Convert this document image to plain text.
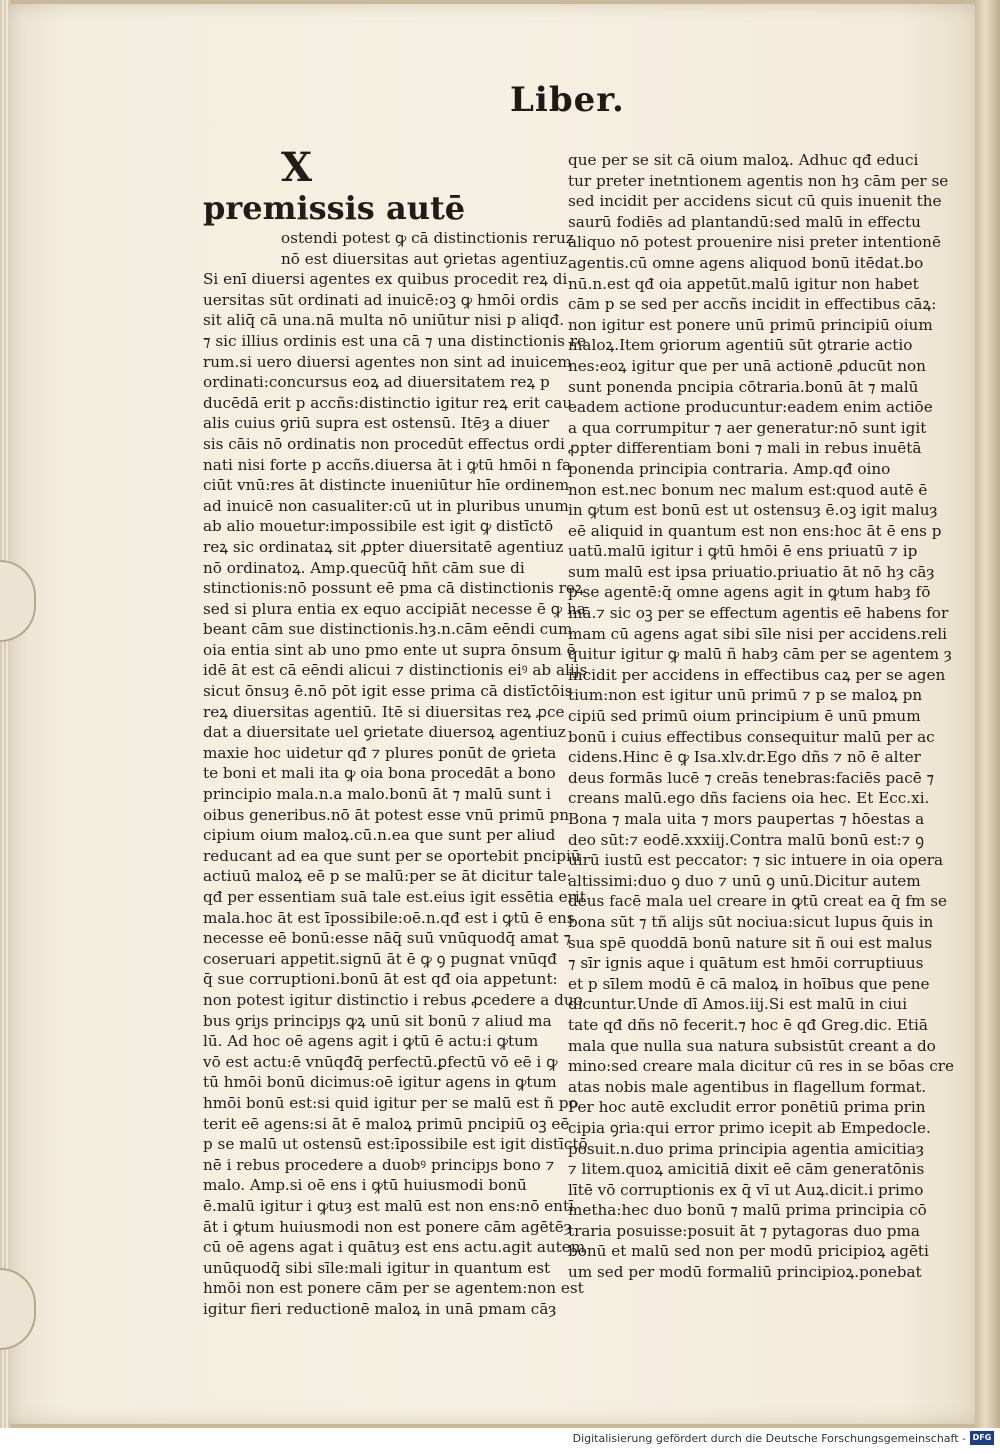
Liber.
Xpremissis autē
ostendi potest ꝙ cā distinctionis reruz
nō est diuersitas aut ꝯrietas agentiuz
Si enī diuersi agentes ex quibus procedit reꝝ di
uersitas sūt ordinati ad inuicē:oꝫ ꝙ hmōi ordis
sit aliq̄ cā una.nā multa nō uniūtur nisi p aliqđ.
⁊ sic illius ordinis est una cā ⁊ una distinctionis re
rum.si uero diuersi agentes non sint ad inuicem
ordinati:concursus eoꝝ ad diuersitatem reꝝ p
ducēdā erit p accñs:distinctio igitur reꝝ erit cau
alis cuius ꝯriū supra est ostensū. Itēȝ a diuer
sis cāis nō ordinatis non procedūt effectus ordi
nati nisi forte p accñs.diuersa āt i ꝙtū hmōi n fa
ciūt vnū:res āt distincte inueniūtur hīe ordinem
ad inuicē non casualiter:cū ut in pluribus unum
ab alio mouetur:impossibile est igit ꝙ distīctō
reꝝ sic ordinataꝝ sit ꝓpter diuersitatē agentiuz
nō ordinatoꝝ. Amp.quecūq̄ hñt cām sue di
stinctionis:nō possunt eē pma cā distinctionis reꝝ
sed si plura entia ex equo accipiāt necesse ē ꝙ ha
beant cām sue distinctionis.hȝ.n.cām eēndi cum
oia entia sint ab uno pmo ente ut supra ōnsum ē
idē āt est cā eēndi alicui ⁊ distinctionis eiꝰ ab alijs
sicut ōnsuȝ ē.nō pōt igit esse prima cā distīctōis
reꝝ diuersitas agentiū. Itē si diuersitas reꝝ ꝓce
dat a diuersitate uel ꝯrietate diuersoꝝ agentiuz
maxie hoc uidetur qđ ⁊ plures ponūt de ꝯrieta
te boni et mali ita ꝙ oia bona procedāt a bono
principio mala.n.a malo.bonū āt ⁊ malū sunt i
oibus generibus.nō āt potest esse vnū primū pn
cipium oium maloꝝ.cū.n.ea que sunt per aliud
reducant ad ea que sunt per se oportebit pncipiū
actiuū maloꝝ eē p se malū:per se āt dicitur tale:
qđ per essentiam suā tale est.eius igit essētia erit
mala.hoc āt est īpossibile:oē.n.qđ est i ꝙtū ē ens
necesse eē bonū:esse nāq̄ suū vnūquodq̄ amat ⁊
coseruari appetit.signū āt ē ꝙ ꝯ pugnat vnūqđ
q̄ sue corruptioni.bonū āt est qđ oia appetunt:
non potest igitur distinctio i rebus ꝓcedere a duo
bus ꝯriȷs principȷs ꝙꝝ unū sit bonū ⁊ aliud ma
lū. Ad hoc oē agens agit i ꝙtū ē actu:i ꝙtum
vō est actu:ē vnūqđq̄ perfectū.ꝑfectū vō eē i ꝙ
tū hmōi bonū dicimus:oē igitur agens in ꝙtum
hmōi bonū est:si quid igitur per se malū est ñ po
terit eē agens:si āt ē maloꝝ primū pncipiū oꝫ eē
p se malū ut ostensū est:īpossibile est igit distīctō
nē i rebus procedere a duobꝰ principȷs bono ⁊
malo. Amp.si oē ens i ꝙtū huiusmodi bonū
ē.malū igitur i ꝙtuȝ est malū est non ens:nō entī
āt i ꝙtum huiusmodi non est ponere cām agētēȝ
cū oē agens agat i quātuȝ est ens actu.agit autem
unūquodq̄ sibi sīle:mali igitur in quantum est
hmōi non est ponere cām per se agentem:non est
igitur fieri reductionē maloꝝ in unā pmam cāȝ
que per se sit cā oium maloꝝ. Adhuc qđ educi
tur preter inetntionem agentis non hȝ cām per se
sed incidit per accidens sicut cū quis inuenit the
saurū fodiēs ad plantandū:sed malū in effectu
aliquo nō potest prouenire nisi preter intentionē
agentis.cū omne agens aliquod bonū itēdat.bo
nū.n.est qđ oia appetūt.malū igitur non habet
cām p se sed per accñs incidit in effectibus cāꝝ:
non igitur est ponere unū primū principiū oium
maloꝝ.Item ꝯriorum agentiū sūt ꝯtrarie actio
nes:eoꝝ igitur que per unā actionē ꝓducūt non
sunt ponenda pncipia cōtraria.bonū āt ⁊ malū
eadem actione producuntur:eadem enim actiōe
a qua corrumpitur ⁊ aer generatur:nō sunt igit
ꝓpter differentiam boni ⁊ mali in rebus inuētā
ponenda principia contraria. Amp.qđ oino
non est.nec bonum nec malum est:quod autē ē
in ꝙtum est bonū est ut ostensuȝ ē.oꝫ igit maluȝ
eē aliquid in quantum est non ens:hoc āt ē ens p
uatū.malū igitur i ꝙtū hmōi ē ens priuatū ⁊ ip
sum malū est ipsa priuatio.priuatio āt nō hȝ cāȝ
p se agentē:q̄ omne agens agit in ꝙtum habȝ fō
mā.⁊ sic oꝫ per se effectum agentis eē habens for
mam cū agens agat sibi sīle nisi per accidens.reli
quitur igitur ꝙ malū ñ habȝ cām per se agentem ȝ
incidit per accidens in effectibus caꝝ per se agen
tium:non est igitur unū primū ⁊ p se maloꝝ pn
cipiū sed primū oium principium ē unū pmum
bonū i cuius effectibus consequitur malū per ac
cidens.Hinc ē ꝙ Isa.xlv.dr.Ego dñs ⁊ nō ē alter
deus formās lucē ⁊ creās tenebras:faciēs pacē ⁊
creans malū.ego dñs faciens oia hec. Et Ecc.xi.
Bona ⁊ mala uita ⁊ mors paupertas ⁊ hōestas a
deo sūt:⁊ eodē.xxxiij.Contra malū bonū est:⁊ ꝯ
uirū iustū est peccator: ⁊ sic intuere in oia opera
altissimi:duo ꝯ duo ⁊ unū ꝯ unū.Dicitur autem
deus facē mala uel creare in ꝙtū creat ea q̄ fm se
bona sūt ⁊ tñ alijs sūt nociua:sicut lupus q̄uis in
sua spē quoddā bonū nature sit ñ oui est malus
⁊ sīr ignis aque i quātum est hmōi corruptiuus
et p sīlem modū ē cā maloꝝ in hoībus que pene
dicuntur.Unde dī Amos.iij.Si est malū in ciui
tate qđ dñs nō fecerit.⁊ hoc ē qđ Greg.dic. Etiā
mala que nulla sua natura subsistūt creant a do
mino:sed creare mala dicitur cū res in se bōas cre
atas nobis male agentibus in flagellum format.
Per hoc autē excludit error ponētiū prima prin
cipia ꝯria:qui error primo icepit ab Empedocle.
posuit.n.duo prima principia agentia amicitiaȝ
⁊ litem.quoꝝ amicitiā dixit eē cām generatōnis
lītē vō corruptionis ex q̄ vī ut Auꝝ.dicit.i primo
metha:hec duo bonū ⁊ malū prima principia cō
traria posuisse:posuit āt ⁊ pytagoras duo pma
bonū et malū sed non per modū pricipioꝝ agēti
um sed per modū formaliū principioꝝ.ponebat
Digitalisierung gefördert durch die Deutsche Forschungsgemeinschaft - DFG
